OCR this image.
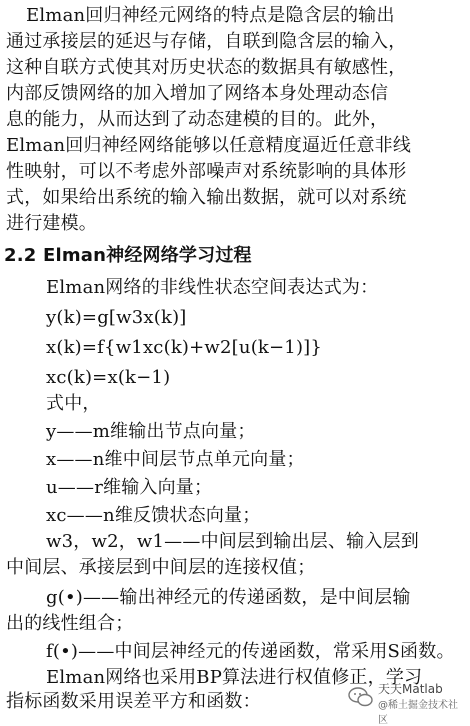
Elman回归神经元网络的特点是隐含层的输出
通过承接层的延迟与存储，自联到隐含层的输入，
这种自联方式使其对历史状态的数据具有敏感性，
内部反馈网络的加入增加了网络本身处理动态信
息的能力，从而达到了动态建模的目的。此外，
Elman回归神经网络能够以任意精度逼近任意非线
性映射，可以不考虑外部噪声对系统影响的具体形
式，如果给出系统的输入输出数据，就可以对系统
进行建模。
2.2 Elman神经网络学习过程
Elman网络的非线性状态空间表达式为：
y(k)=g[w3x(k)]
x(k)=f{w1xc(k)+w2[u(k−1)]}
xc(k)=x(k−1)
式中，
y——m维输出节点向量；
x——n维中间层节点单元向量；
u——r维输入向量；
xc——n维反馈状态向量；
w3，w2，w1——中间层到输出层、输入层到
中间层、承接层到中间层的连接权值；
g(•)——输出神经元的传递函数，是中间层输
出的线性组合；
f(•)——中间层神经元的传递函数，常采用S函数。
Elman网络也采用BP算法进行权值修正，学习
指标函数采用误差平方和函数：
天天Matlab
@稀土掘金技术社区
